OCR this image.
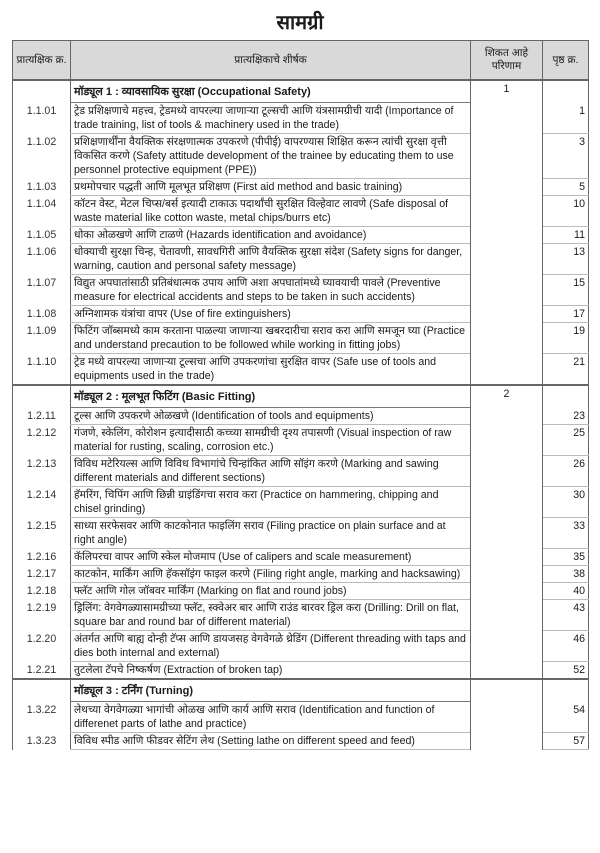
सामग्री
प्रात्यक्षिक क्र.	प्रात्यक्षिकाचे शीर्षक	शिकत आहे परिणाम	पृष्ठ क्र.
	मॉड्यूल 1 : व्यावसायिक सुरक्षा (Occupational Safety)	1	
1.1.01	ट्रेड प्रशिक्षणाचे महत्त्व, ट्रेडमध्ये वापरल्या जाणाऱ्या टूल्सची आणि यंत्रसामग्रीची यादी (Importance of trade training, list of tools & machinery used in the trade)		1
1.1.02	प्रशिक्षणार्थींना वैयक्तिक संरक्षणात्मक उपकरणे (पीपीई) वापरण्यास शिक्षित करून त्यांची सुरक्षा वृत्ती विकसित करणे (Safety attitude development of the trainee by educating them to use personnel protective equipment (PPE))		3
1.1.03	प्रथमोपचार पद्धती आणि मूलभूत प्रशिक्षण (First aid method and basic training)		5
1.1.04	कॉटन वेस्ट, मेटल चिप्स/बर्स इत्यादी टाकाऊ पदार्थांची सुरक्षित विल्हेवाट लावणे (Safe disposal of waste material like cotton waste, metal chips/burrs etc)		10
1.1.05	धोका ओळखणे आणि टाळणे (Hazards identification and avoidance)		11
1.1.06	धोक्याची सुरक्षा चिन्ह, चेतावणी, सावधगिरी आणि वैयक्तिक सुरक्षा संदेश (Safety signs for danger, warning, caution and personal safety message)		13
1.1.07	विद्युत अपघातांसाठी प्रतिबंधात्मक उपाय आणि अशा अपघातांमध्ये घ्यावयाची पावले (Preventive measure for electrical accidents and steps to be taken in such accidents)		15
1.1.08	अग्निशामक यंत्रांचा वापर (Use of fire extinguishers)		17
1.1.09	फिटिंग जॉब्समध्ये काम करताना पाळल्या जाणाऱ्या खबरदारीचा सराव करा आणि समजून घ्या (Practice and understand precaution to be followed while working in fitting jobs)		19
1.1.10	ट्रेड मध्ये वापरल्या जाणाऱ्या टूल्सचा आणि उपकरणांचा सुरक्षित वापर (Safe use of tools and equipments used in the trade)		21
	मॉड्यूल 2 : मूलभूत फिटिंग (Basic Fitting)	2	
1.2.11	टूल्स आणि उपकरणे ओळखणे (Identification of tools and equipments)		23
1.2.12	गंजणे, स्केलिंग, कोरोशन इत्यादीसाठी कच्च्या सामग्रीची दृश्य तपासणी (Visual inspection of raw material for rusting, scaling, corrosion etc.)		25
1.2.13	विविध मटेरियल्स आणि विविध विभागांचे चिन्हांकित आणि सॉइंग करणे (Marking and sawing different materials and different sections)		26
1.2.14	हॅमरिंग, चिपिंग आणि छिन्नी ग्राइंडिंगचा सराव करा (Practice on hammering, chipping and chisel grinding)		30
1.2.15	साध्या सरफेसवर आणि काटकोनात फाइलिंग सराव (Filing practice on plain surface and at right angle)		33
1.2.16	कॅलिपरचा वापर आणि स्केल मोजमाप (Use of calipers and scale measurement)		35
1.2.17	काटकोन, मार्किंग आणि हॅकसॉइंग फाइल करणे (Filing right angle, marking and hacksawing)		38
1.2.18	फ्लॅट आणि गोल जॉबवर मार्किंग (Marking on flat and round jobs)		40
1.2.19	ड्रिलिंग: वेगवेगळ्यासामग्रीच्या फ्लॅट, स्क्वेअर बार आणि राउंड बारवर ड्रिल करा (Drilling: Drill on flat, square bar and round bar of different material)		43
1.2.20	अंतर्गत आणि बाह्य दोन्ही टॅप्स आणि डायजसह वेगवेगळे थ्रेडिंग (Different threading with taps and dies both internal and external)		46
1.2.21	तुटलेला टॅपचे निष्कर्षण (Extraction of broken tap)		52
	मॉड्यूल 3 : टर्निंग (Turning)		
1.3.22	लेथच्या वेगवेगळ्या भागांची ओळख आणि कार्य आणि सराव (Identification and function of differenet parts of lathe and practice)		54
1.3.23	विविध स्पीड आणि फीडवर सेटिंग लेथ (Setting lathe on different speed and feed)		57
